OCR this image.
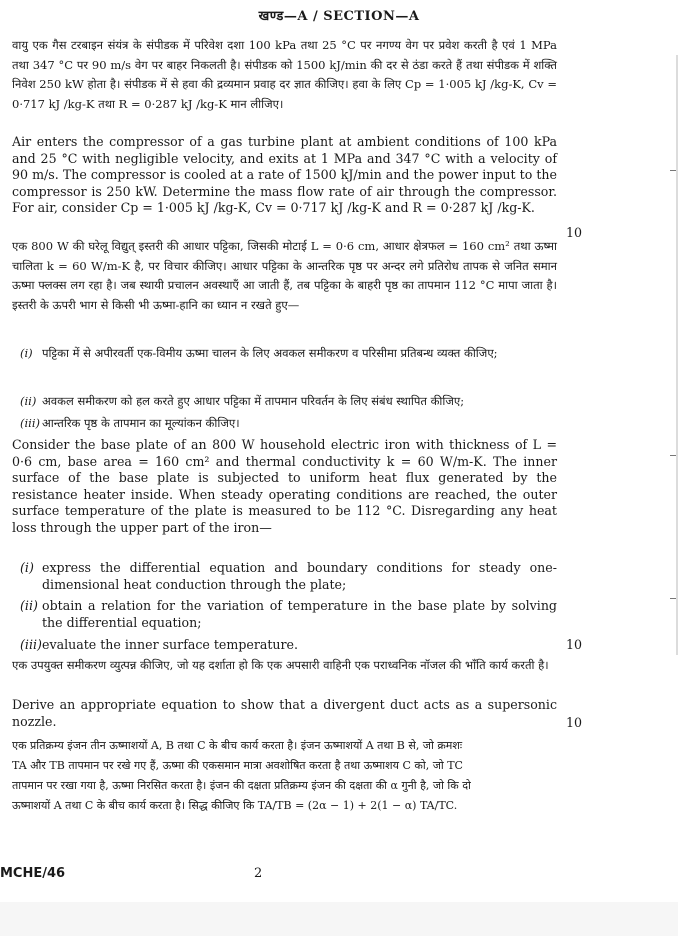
खण्ड—A / SECTION—A
वायु एक गैस टरबाइन संयंत्र के संपीडक में परिवेश दशा 100 kPa तथा 25 °C पर नगण्य वेग पर प्रवेश करती है एवं 1 MPa तथा 347 °C पर 90 m/s वेग पर बाहर निकलती है। संपीडक को 1500 kJ/min की दर से ठंडा करते हैं तथा संपीडक में शक्ति निवेश 250 kW होता है। संपीडक में से हवा की द्रव्यमान प्रवाह दर ज्ञात कीजिए। हवा के लिए Cp = 1·005 kJ /kg-K, Cv = 0·717 kJ /kg-K तथा R = 0·287 kJ /kg-K मान लीजिए।
Air enters the compressor of a gas turbine plant at ambient conditions of 100 kPa and 25 °C with negligible velocity, and exits at 1 MPa and 347 °C with a velocity of 90 m/s. The compressor is cooled at a rate of 1500 kJ/min and the power input to the compressor is 250 kW. Determine the mass flow rate of air through the compressor. For air, consider Cp = 1·005 kJ /kg-K, Cv = 0·717 kJ /kg-K and R = 0·287 kJ /kg-K.
10
एक 800 W की घरेलू विद्युत् इस्तरी की आधार पट्टिका, जिसकी मोटाई L = 0·6 cm, आधार क्षेत्रफल = 160 cm² तथा ऊष्मा चालिता k = 60 W/m-K है, पर विचार कीजिए। आधार पट्टिका के आन्तरिक पृष्ठ पर अन्दर लगे प्रतिरोध तापक से जनित समान ऊष्मा फ्लक्स लग रहा है। जब स्थायी प्रचालन अवस्थाएँ आ जाती हैं, तब पट्टिका के बाहरी पृष्ठ का तापमान 112 °C मापा जाता है। इस्तरी के ऊपरी भाग से किसी भी ऊष्मा-हानि का ध्यान न रखते हुए—
(i) पट्टिका में से अपीरवर्ती एक-विमीय ऊष्मा चालन के लिए अवकल समीकरण व परिसीमा प्रतिबन्ध व्यक्त कीजिए;
(ii) अवकल समीकरण को हल करते हुए आधार पट्टिका में तापमान परिवर्तन के लिए संबंध स्थापित कीजिए;
(iii) आन्तरिक पृष्ठ के तापमान का मूल्यांकन कीजिए।
Consider the base plate of an 800 W household electric iron with thickness of L = 0·6 cm, base area = 160 cm² and thermal conductivity k = 60 W/m-K. The inner surface of the base plate is subjected to uniform heat flux generated by the resistance heater inside. When steady operating conditions are reached, the outer surface temperature of the plate is measured to be 112 °C. Disregarding any heat loss through the upper part of the iron—
(i) express the differential equation and boundary conditions for steady one-dimensional heat conduction through the plate;
(ii) obtain a relation for the variation of temperature in the base plate by solving the differential equation;
(iii) evaluate the inner surface temperature.	10
एक उपयुक्त समीकरण व्युत्पन्न कीजिए, जो यह दर्शाता हो कि एक अपसारी वाहिनी एक पराध्वनिक नॉजल की भाँति कार्य करती है।
Derive an appropriate equation to show that a divergent duct acts as a supersonic nozzle.	10
एक प्रतिक्रम्य इंजन तीन ऊष्माशयों A, B तथा C के बीच कार्य करता है। इंजन ऊष्माशयों A तथा B से, जो क्रमशः
TA और TB तापमान पर रखे गए हैं, ऊष्मा की एकसमान मात्रा अवशोषित करता है तथा ऊष्माशय C को, जो TC
तापमान पर रखा गया है, ऊष्मा निरसित करता है। इंजन की दक्षता प्रतिक्रम्य इंजन की दक्षता की α गुनी है, जो कि दो
ऊष्माशयों A तथा C के बीच कार्य करता है। सिद्ध कीजिए कि TA/TB = (2α − 1) + 2(1 − α) TA/TC.
MCHE/46	2
